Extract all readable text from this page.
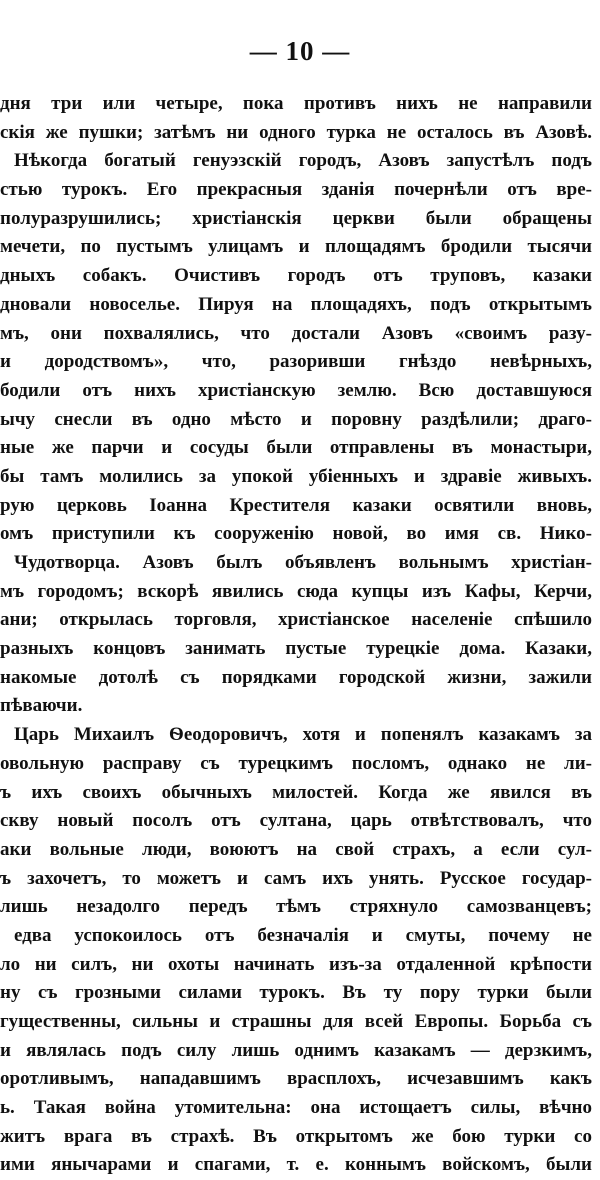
— 10 —
дня три или четыре, пока противъ нихъ не направили
скія же пушки; затѣмъ ни одного турка не осталось въ Азовѣ.
Нѣкогда богатый генуэзскій городъ, Азовъ запустѣлъ подъ
стью турокъ. Его прекрасныя зданія почернѣли отъ вре-
полуразрушились; христіанскія церкви были обращены
мечети, по пустымъ улицамъ и площадямъ бродили тысячи
дныхъ собакъ. Очистивъ городъ отъ труповъ, казаки
дновали новоселье. Пируя на площадяхъ, подъ открытымъ
мъ, они похвалялись, что достали Азовъ «своимъ разу-
и дородствомъ», что, разоривши гнѣздо невѣрныхъ,
бодили отъ нихъ христіанскую землю. Всю доставшуюся
ычу снесли въ одно мѣсто и поровну раздѣлили; драго-
ные же парчи и сосуды были отправлены въ монастыри,
бы тамъ молились за упокой убіенныхъ и здравіе живыхъ.
рую церковь Іоанна Крестителя казаки освятили вновь,
омъ приступили къ сооруженію новой, во имя св. Нико-
Чудотворца. Азовъ былъ объявленъ вольнымъ христіан-
мъ городомъ; вскорѣ явились сюда купцы изъ Кафы, Керчи,
ани; открылась торговля, христіанское населеніе спѣшило
разныхъ концовъ занимать пустые турецкіе дома. Казаки,
накомые дотолѣ съ порядками городской жизни, зажили
пѣваючи.
Царь Михаилъ Ѳеодоровичъ, хотя и попенялъ казакамъ за
овольную расправу съ турецкимъ посломъ, однако не ли-
ъ ихъ своихъ обычныхъ милостей. Когда же явился въ
скву новый посолъ отъ султана, царь отвѣтствовалъ, что
аки вольные люди, воюютъ на свой страхъ, а если сул-
ъ захочетъ, то можетъ и самъ ихъ унять. Русское государ-
лишь незадолго передъ тѣмъ стряхнуло самозванцевъ;
едва успокоилось отъ безначалія и смуты, почему не
ло ни силъ, ни охоты начинать изъ-за отдаленной крѣпости
ну съ грозными силами турокъ. Въ ту пору турки были
гущественны, сильны и страшны для всей Европы. Борьба съ
и являлась подъ силу лишь однимъ казакамъ — дерзкимъ,
оротливымъ, нападавшимъ врасплохъ, исчезавшимъ какъ
ь. Такая война утомительна: она истощаетъ силы, вѣчно
житъ врага въ страхѣ. Въ открытомъ же бою турки со
ими янычарами и спагами, т. е. коннымъ войскомъ, были
